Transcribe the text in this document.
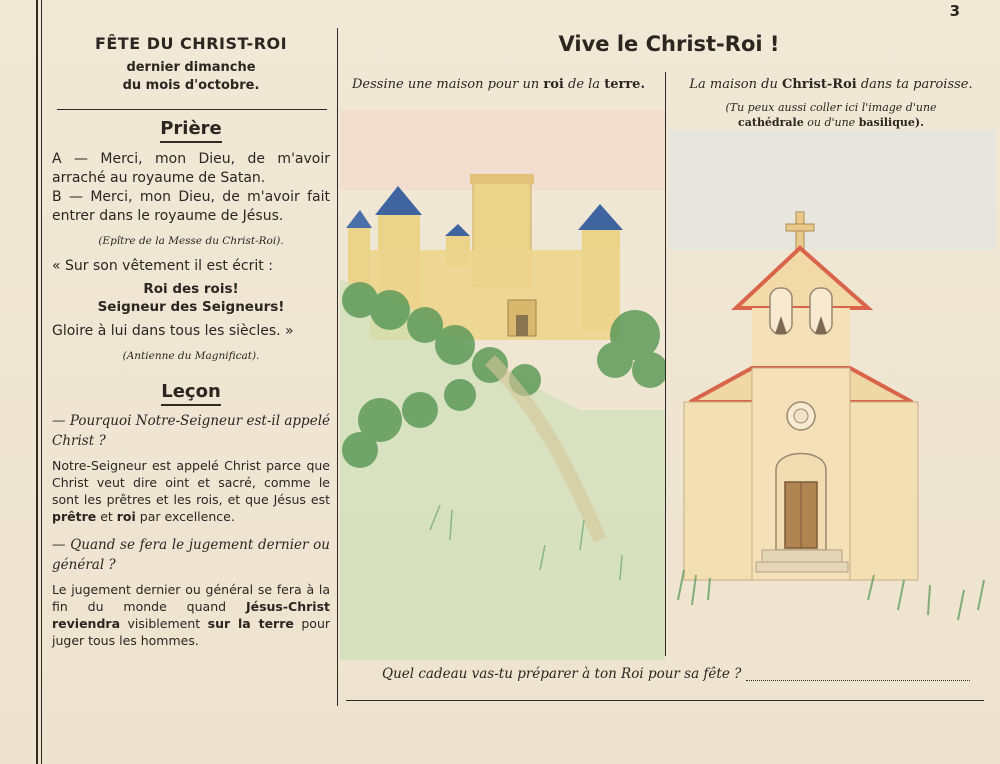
3
FÊTE DU CHRIST-ROI
dernier dimanche
du mois d'octobre.
Prière
A — Merci, mon Dieu, de m'avoir arraché au royaume de Satan.
B — Merci, mon Dieu, de m'avoir fait entrer dans le royaume de Jésus.
(Epître de la Messe du Christ-Roi).
« Sur son vêtement il est écrit :
Roi des rois!
Seigneur des Seigneurs!
Gloire à lui dans tous les siècles. »
(Antienne du Magnificat).
Leçon
— Pourquoi Notre-Seigneur est-il appelé Christ ?
Notre-Seigneur est appelé Christ parce que Christ veut dire oint et sacré, comme le sont les prêtres et les rois, et que Jésus est prêtre et roi par excellence.
— Quand se fera le jugement dernier ou général ?
Le jugement dernier ou général se fera à la fin du monde quand Jésus-Christ reviendra visiblement sur la terre pour juger tous les hommes.
Vive le Christ-Roi !
Dessine une maison pour un roi de la terre.	La maison du Christ-Roi dans ta paroisse.
(Tu peux aussi coller ici l'image d'une
cathédrale ou d'une basilique).
Quel cadeau vas-tu préparer à ton Roi pour sa fête ?
